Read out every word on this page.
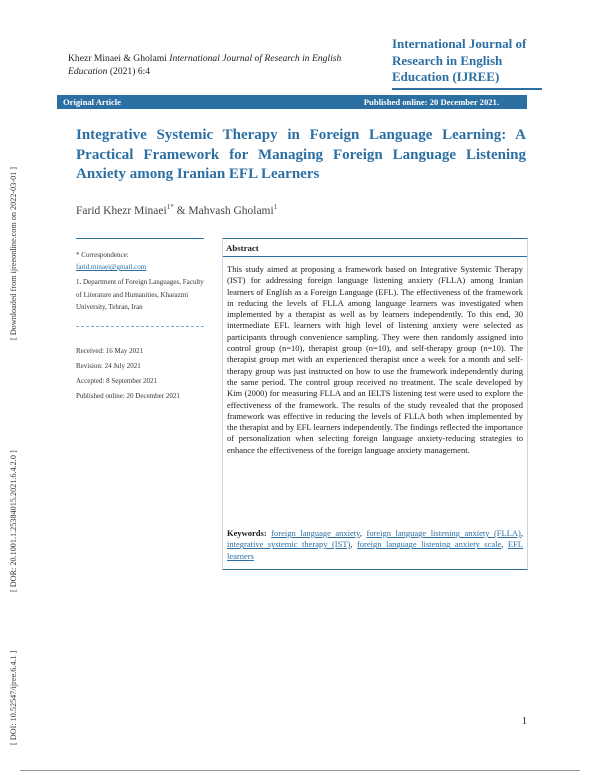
[ Downloaded from ijreeonline.com on 2022-03-01 ]
[ DOR: 20.1001.1.25384015.2021.6.4.2.0 ]
[ DOI: 10.52547/ijree.6.4.1 ]
Khezr Minaei & Gholami International Journal of Research in English Education (2021) 6:4
International Journal of
Research in English
Education (IJREE)
Original Article	Published online: 20 December 2021.
Integrative Systemic Therapy in Foreign Language Learning: A Practical Framework for Managing Foreign Language Listening Anxiety among Iranian EFL Learners
Farid Khezr Minaei$^{1*}$ & Mahvash Gholami$^1$
* Correspondence:
farid.minaei@gmail.com
1. Department of Foreign Languages, Faculty of Literature and Humanities, Kharazmi University, Tehran, Iran
Received: 16 May 2021
Revision: 24 July 2021
Accepted: 8 September 2021
Published online: 20 December 2021
Abstract

This study aimed at proposing a framework based on Integrative Systemic Therapy (IST) for addressing foreign language listening anxiety (FLLA) among Iranian learners of English as a Foreign Language (EFL). The effectiveness of the framework in reducing the levels of FLLA among language learners was investigated when implemented by a therapist as well as by learners independently. To this end, 30 intermediate EFL learners with high level of listening anxiety were selected as participants through convenience sampling. They were then randomly assigned into control group (n=10), therapist group (n=10), and self-therapy group (n=10). The therapist group met with an experienced therapist once a week for a month and self-therapy group was just instructed on how to use the framework independently during the same period. The control group received no treatment. The scale developed by Kim (2000) for measuring FLLA and an IELTS listening test were used to explore the effectiveness of the framework. The results of the study revealed that the proposed framework was effective in reducing the levels of FLLA both when implemented by the therapist and by EFL learners independently. The findings reflected the importance of personalization when selecting foreign language anxiety-reducing strategies to enhance the effectiveness of the foreign language anxiety management.

Keywords: foreign language anxiety, foreign language listening anxiety (FLLA), integrative systemic therapy (IST), foreign language listening anxiety scale, EFL learners
1
